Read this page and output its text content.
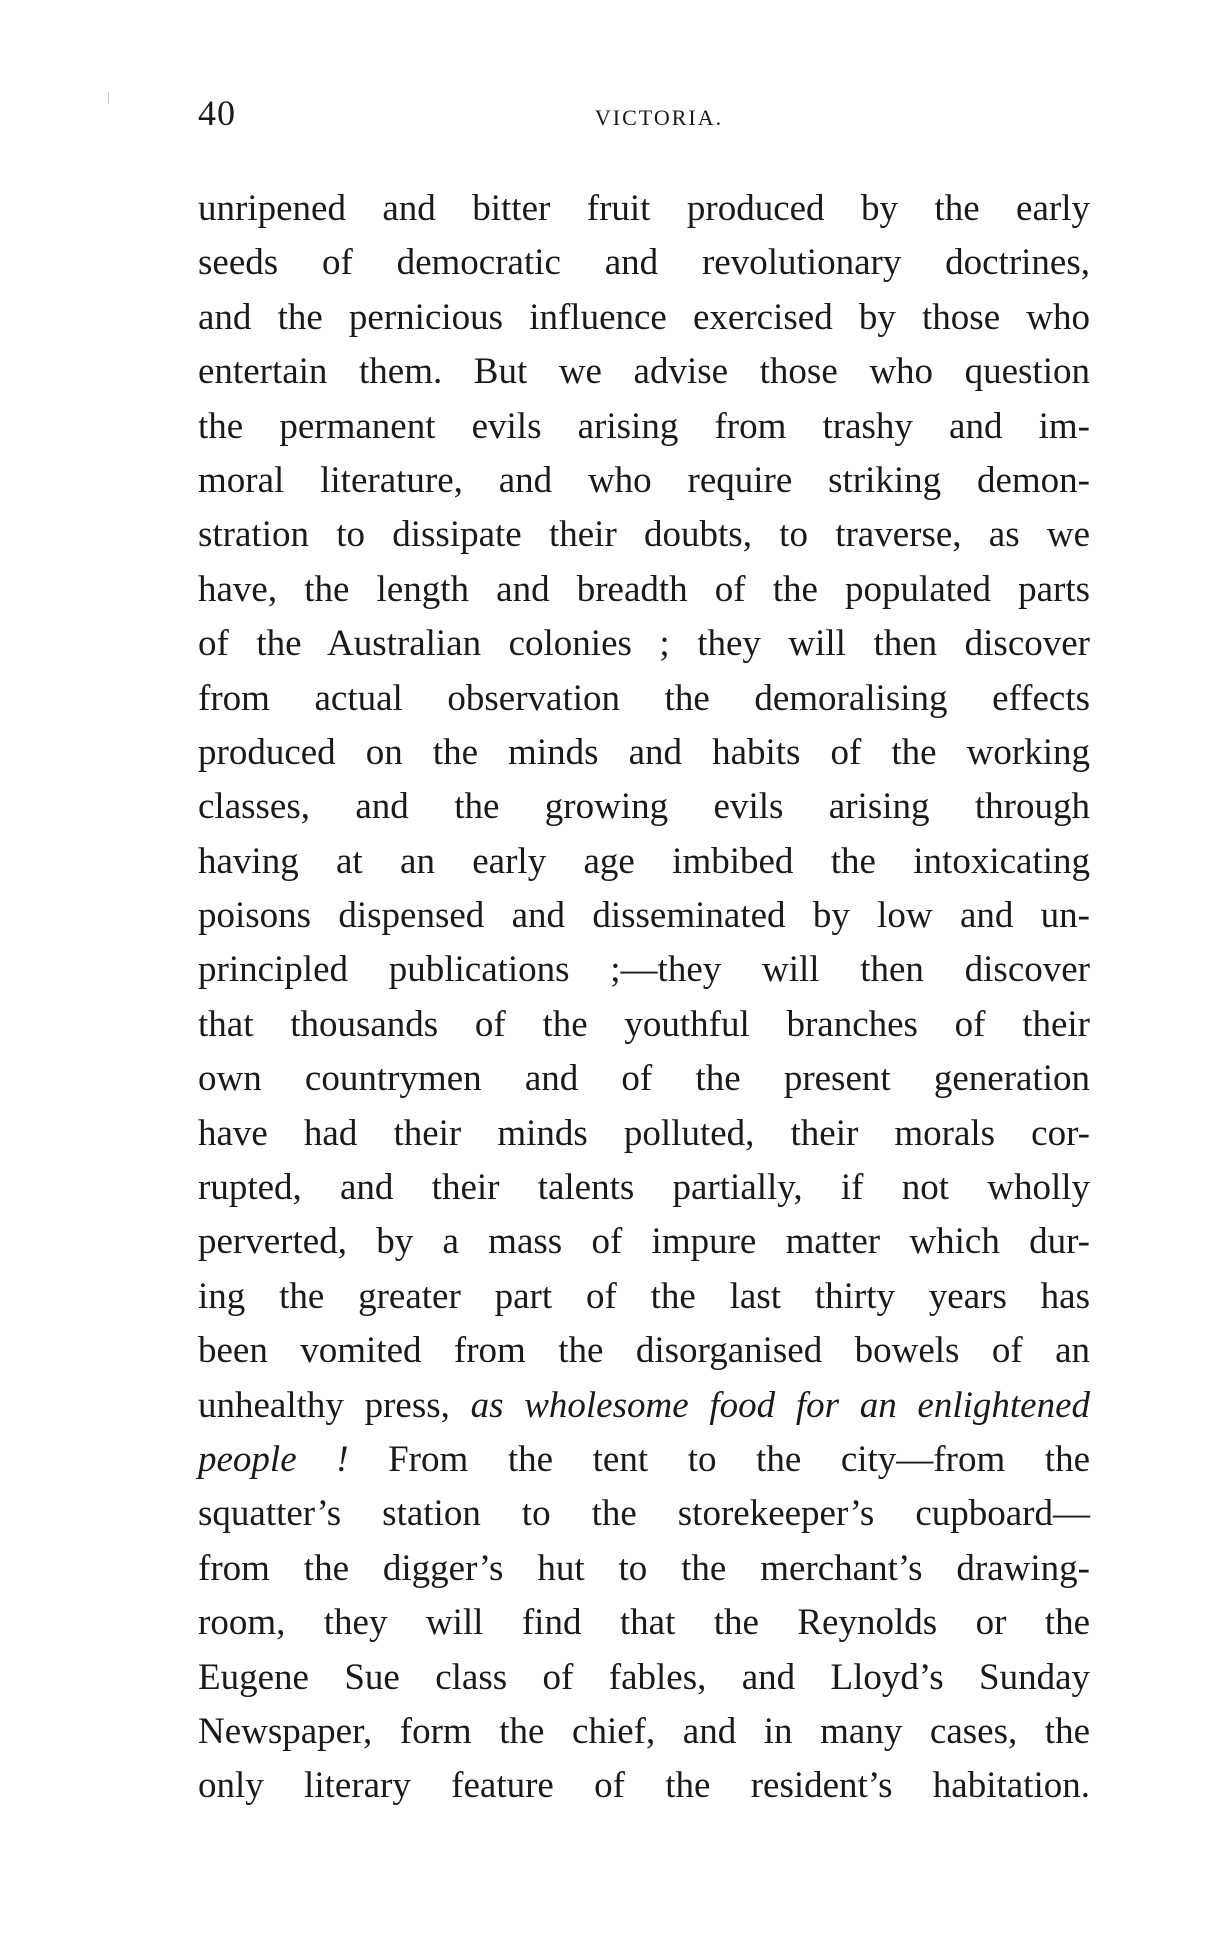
40	VICTORIA.
unripened and bitter fruit produced by the early
seeds of democratic and revolutionary doctrines,
and the pernicious influence exercised by those who
entertain them. But we advise those who question
the permanent evils arising from trashy and im-
moral literature, and who require striking demon-
stration to dissipate their doubts, to traverse, as we
have, the length and breadth of the populated parts
of the Australian colonies ; they will then discover
from actual observation the demoralising effects
produced on the minds and habits of the working
classes, and the growing evils arising through
having at an early age imbibed the intoxicating
poisons dispensed and disseminated by low and un-
principled publications ;—they will then discover
that thousands of the youthful branches of their
own countrymen and of the present generation
have had their minds polluted, their morals cor-
rupted, and their talents partially, if not wholly
perverted, by a mass of impure matter which dur-
ing the greater part of the last thirty years has
been vomited from the disorganised bowels of an
unhealthy press, as wholesome food for an enlightened
people ! From the tent to the city—from the
squatter’s station to the storekeeper’s cupboard—
from the digger’s hut to the merchant’s drawing-
room, they will find that the Reynolds or the
Eugene Sue class of fables, and Lloyd’s Sunday
Newspaper, form the chief, and in many cases, the
only literary feature of the resident’s habitation.
